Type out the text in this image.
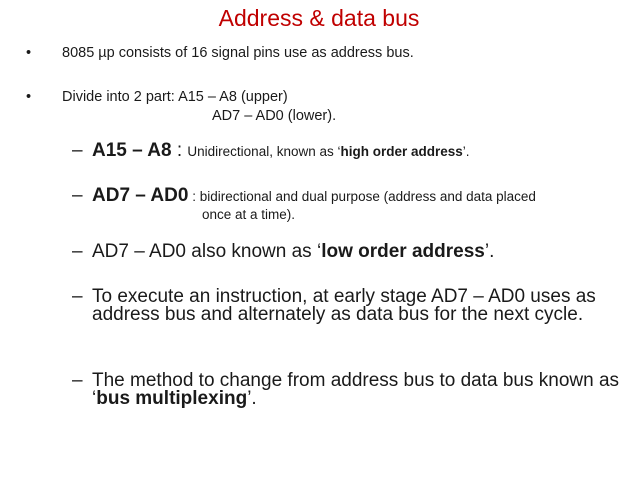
Address & data bus
• 8085 µp consists of 16 signal pins use as address bus.
• Divide into 2 part: A15 – A8 (upper)
AD7 – AD0 (lower).
– A15 – A8 : Unidirectional, known as ‘high order address’.
– AD7 – AD0 : bidirectional and dual purpose (address and data placed
once at a time).
– AD7 – AD0 also known as ‘low order address’.
– To execute an instruction, at early stage AD7 – AD0 uses as address bus and alternately as data bus for the next cycle.
– The method to change from address bus to data bus known as ‘bus multiplexing’.
